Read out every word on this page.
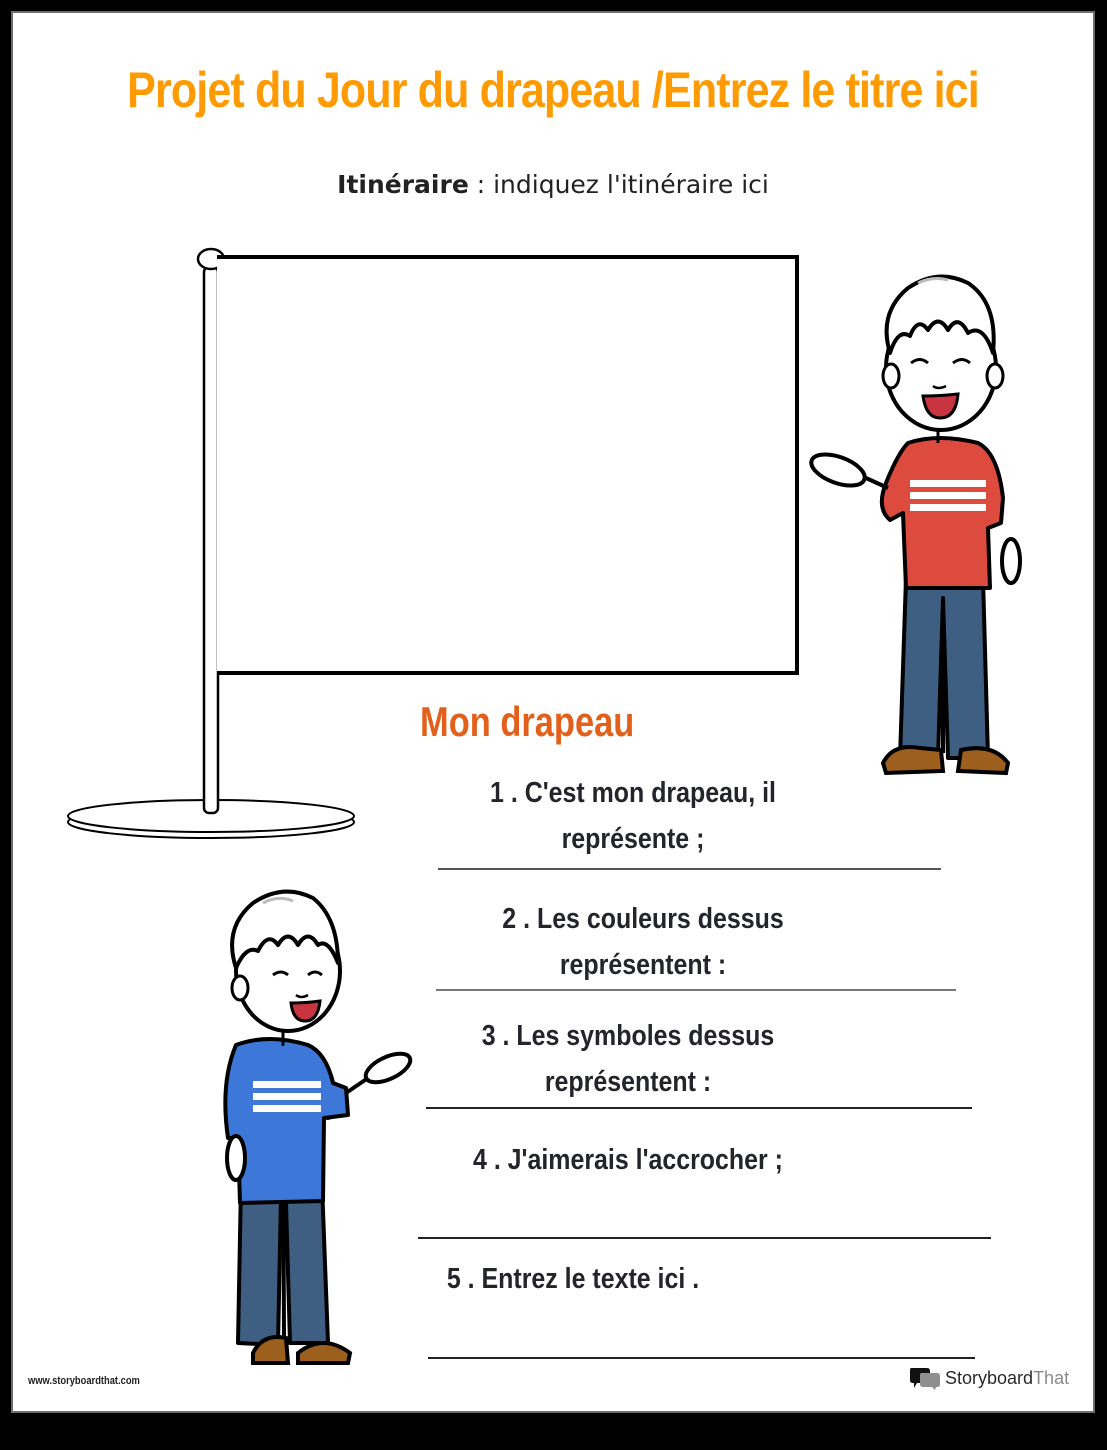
Projet du Jour du drapeau /Entrez le titre ici
Itinéraire : indiquez l'itinéraire ici
Mon drapeau
1 . C'est mon drapeau, il
représente ;
2 . Les couleurs dessus
représentent :
3 . Les symboles dessus
représentent :
4 . J'aimerais l'accrocher ;
5 . Entrez le texte ici .
www.storyboardthat.com	StoryboardThat
